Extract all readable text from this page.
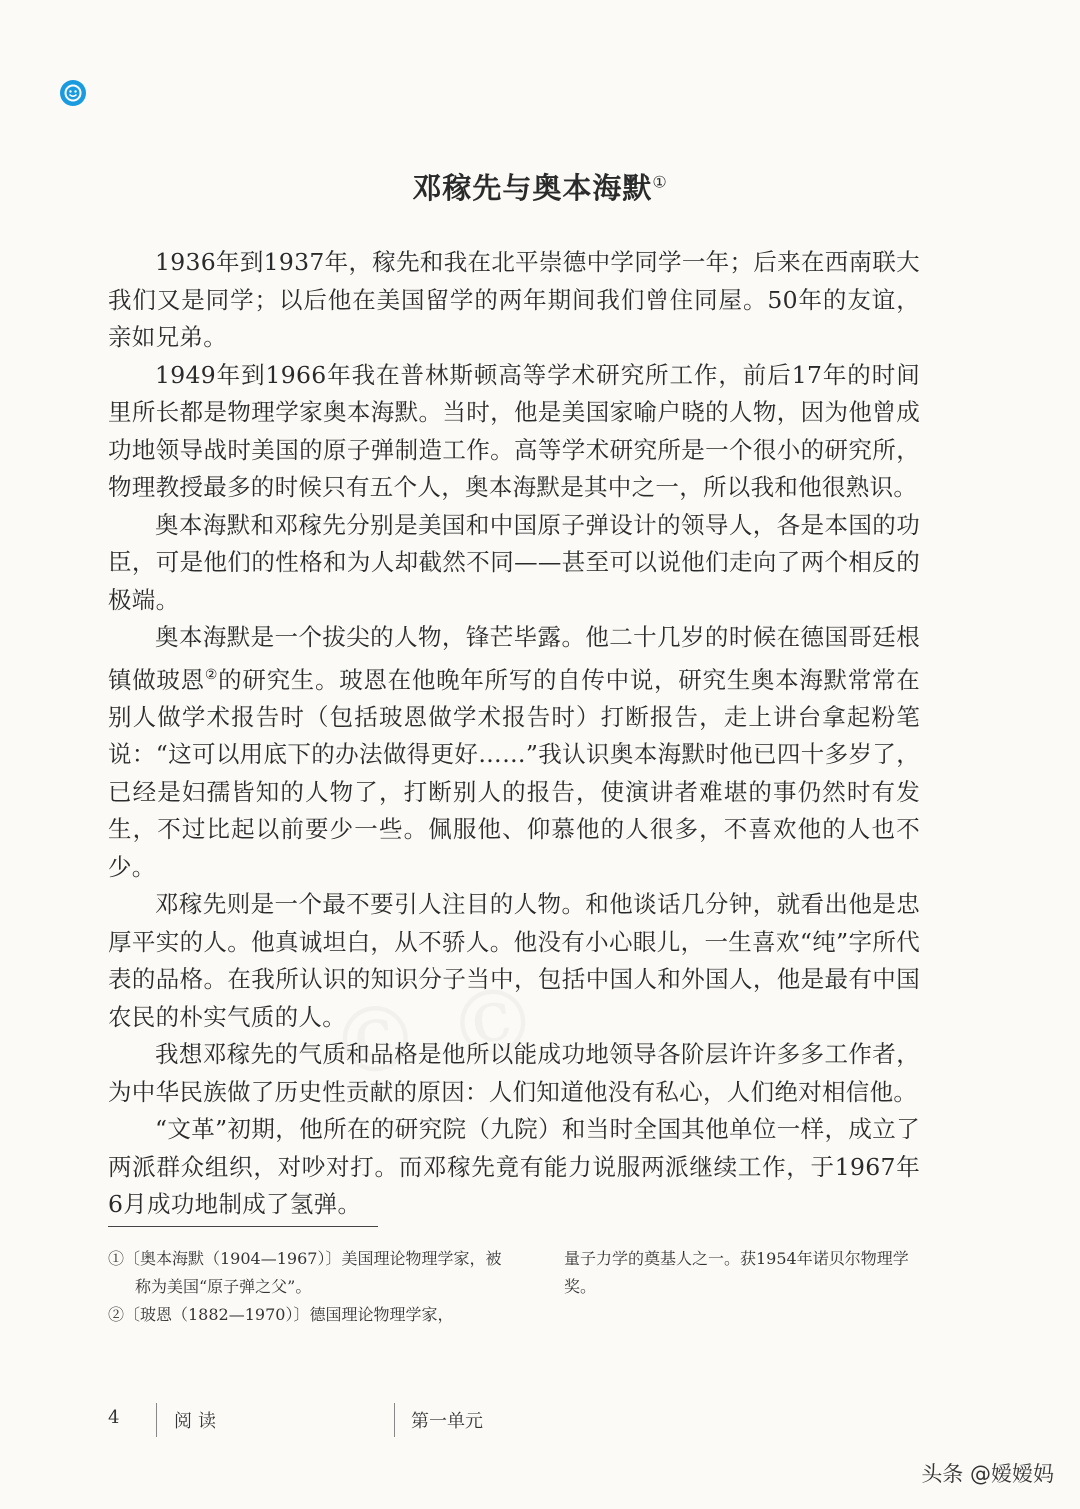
邓稼先与奥本海默①

1936年到1937年，稼先和我在北平崇德中学同学一年；后来在西南联大我们又是同学；以后他在美国留学的两年期间我们曾住同屋。50年的友谊，亲如兄弟。

1949年到1966年我在普林斯顿高等学术研究所工作，前后17年的时间里所长都是物理学家奥本海默。当时，他是美国家喻户晓的人物，因为他曾成功地领导战时美国的原子弹制造工作。高等学术研究所是一个很小的研究所，物理教授最多的时候只有五个人，奥本海默是其中之一，所以我和他很熟识。

奥本海默和邓稼先分别是美国和中国原子弹设计的领导人，各是本国的功臣，可是他们的性格和为人却截然不同——甚至可以说他们走向了两个相反的极端。

奥本海默是一个拔尖的人物，锋芒毕露。他二十几岁的时候在德国哥廷根镇做玻恩②的研究生。玻恩在他晚年所写的自传中说，研究生奥本海默常常在别人做学术报告时（包括玻恩做学术报告时）打断报告，走上讲台拿起粉笔说：“这可以用底下的办法做得更好……”我认识奥本海默时他已四十多岁了，已经是妇孺皆知的人物了，打断别人的报告，使演讲者难堪的事仍然时有发生，不过比起以前要少一些。佩服他、仰慕他的人很多，不喜欢他的人也不少。

邓稼先则是一个最不要引人注目的人物。和他谈话几分钟，就看出他是忠厚平实的人。他真诚坦白，从不骄人。他没有小心眼儿，一生喜欢“纯”字所代表的品格。在我所认识的知识分子当中，包括中国人和外国人，他是最有中国农民的朴实气质的人。

我想邓稼先的气质和品格是他所以能成功地领导各阶层许许多多工作者，为中华民族做了历史性贡献的原因：人们知道他没有私心，人们绝对相信他。

“文革”初期，他所在的研究院（九院）和当时全国其他单位一样，成立了两派群众组织，对吵对打。而邓稼先竟有能力说服两派继续工作，于1967年6月成功地制成了氢弹。

①〔奥本海默（1904—1967）〕美国理论物理学家，被称为美国“原子弹之父”。
②〔玻恩（1882—1970）〕德国理论物理学家，
量子力学的奠基人之一。获1954年诺贝尔物理学奖。
4	阅读	第一单元
头条 @嫒嫒妈
